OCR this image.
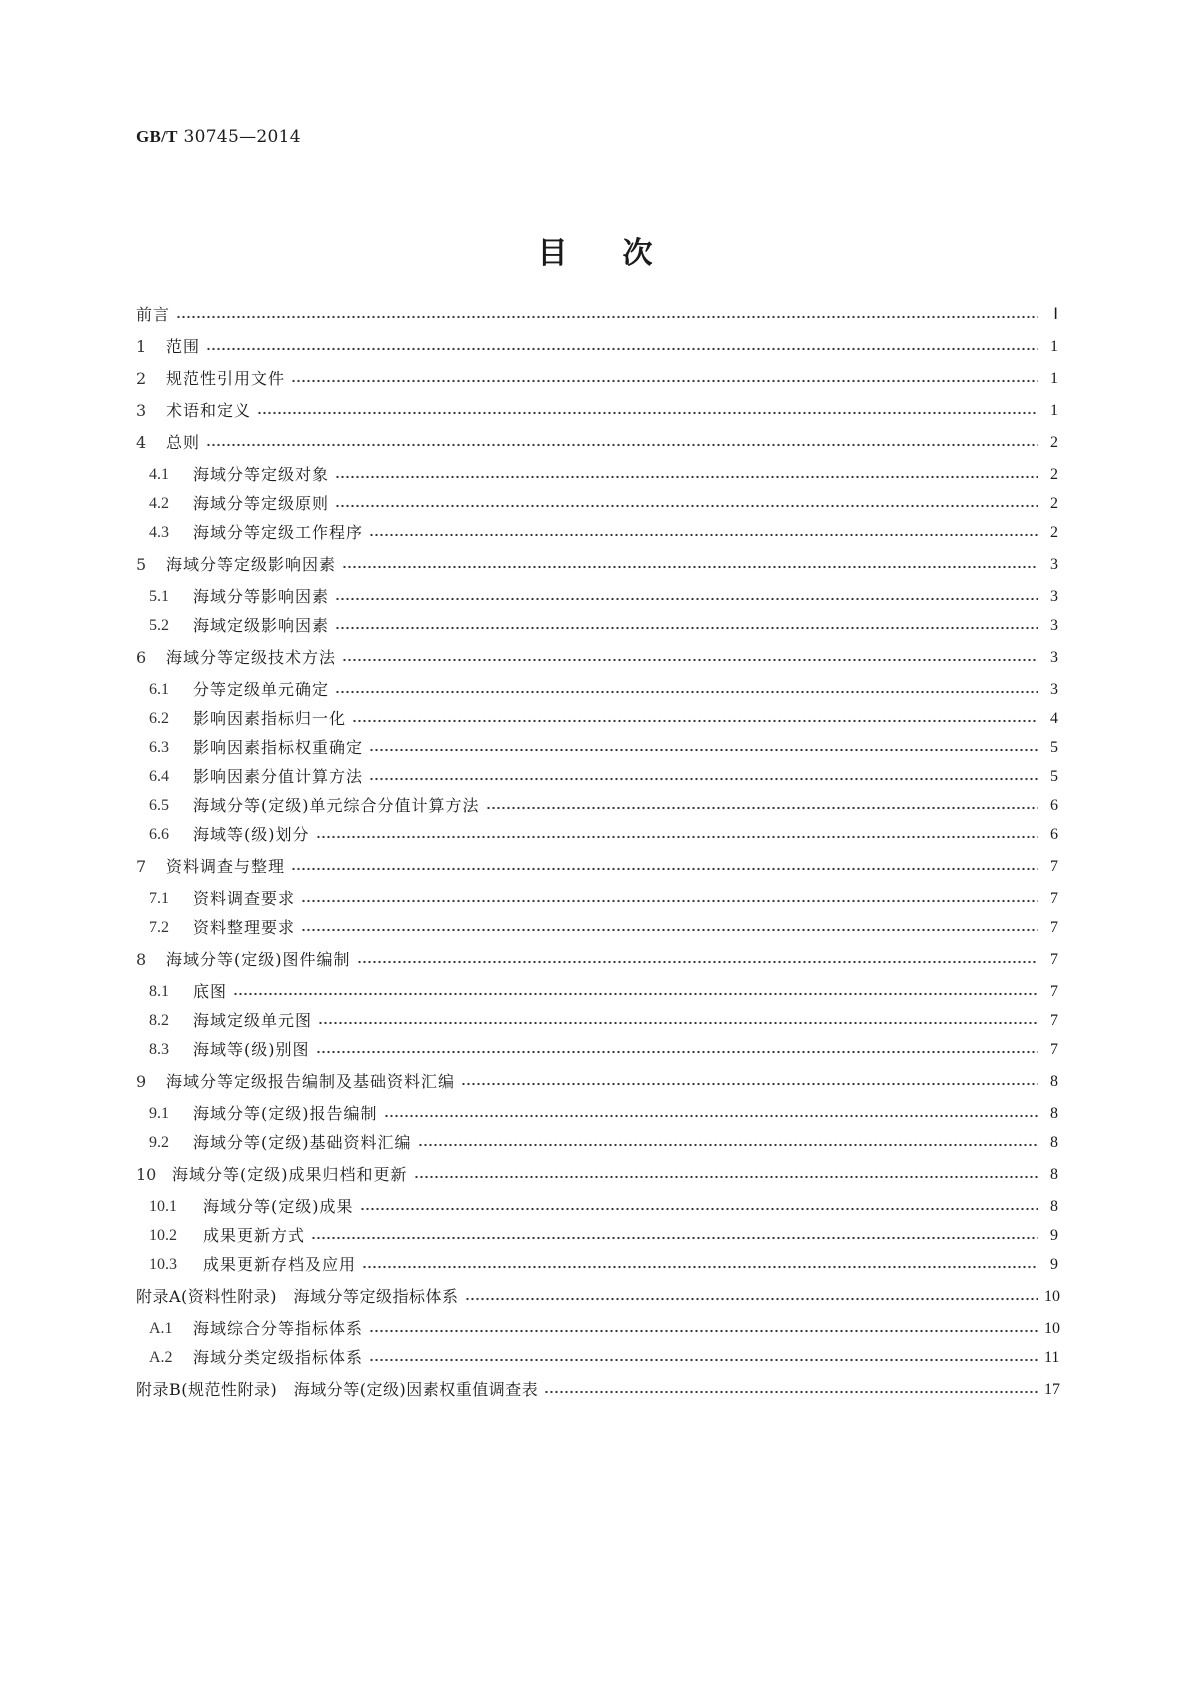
GB/T 30745—2014
目 次
前言	Ⅰ
1	范围	1
2	规范性引用文件	1
3	术语和定义	1
4	总则	2
4.1	海域分等定级对象	2
4.2	海域分等定级原则	2
4.3	海域分等定级工作程序	2
5	海域分等定级影响因素	3
5.1	海域分等影响因素	3
5.2	海域定级影响因素	3
6	海域分等定级技术方法	3
6.1	分等定级单元确定	3
6.2	影响因素指标归一化	4
6.3	影响因素指标权重确定	5
6.4	影响因素分值计算方法	5
6.5	海域分等(定级)单元综合分值计算方法	6
6.6	海域等(级)划分	6
7	资料调查与整理	7
7.1	资料调查要求	7
7.2	资料整理要求	7
8	海域分等(定级)图件编制	7
8.1	底图	7
8.2	海域定级单元图	7
8.3	海域等(级)别图	7
9	海域分等定级报告编制及基础资料汇编	8
9.1	海域分等(定级)报告编制	8
9.2	海域分等(定级)基础资料汇编	8
10 海域分等(定级)成果归档和更新	8
10.1	海域分等(定级)成果	8
10.2	成果更新方式	9
10.3	成果更新存档及应用	9
附录A(资料性附录)　海域分等定级指标体系	10
A.1	海域综合分等指标体系	10
A.2	海域分类定级指标体系	11
附录B(规范性附录)　海域分等(定级)因素权重值调查表	17
